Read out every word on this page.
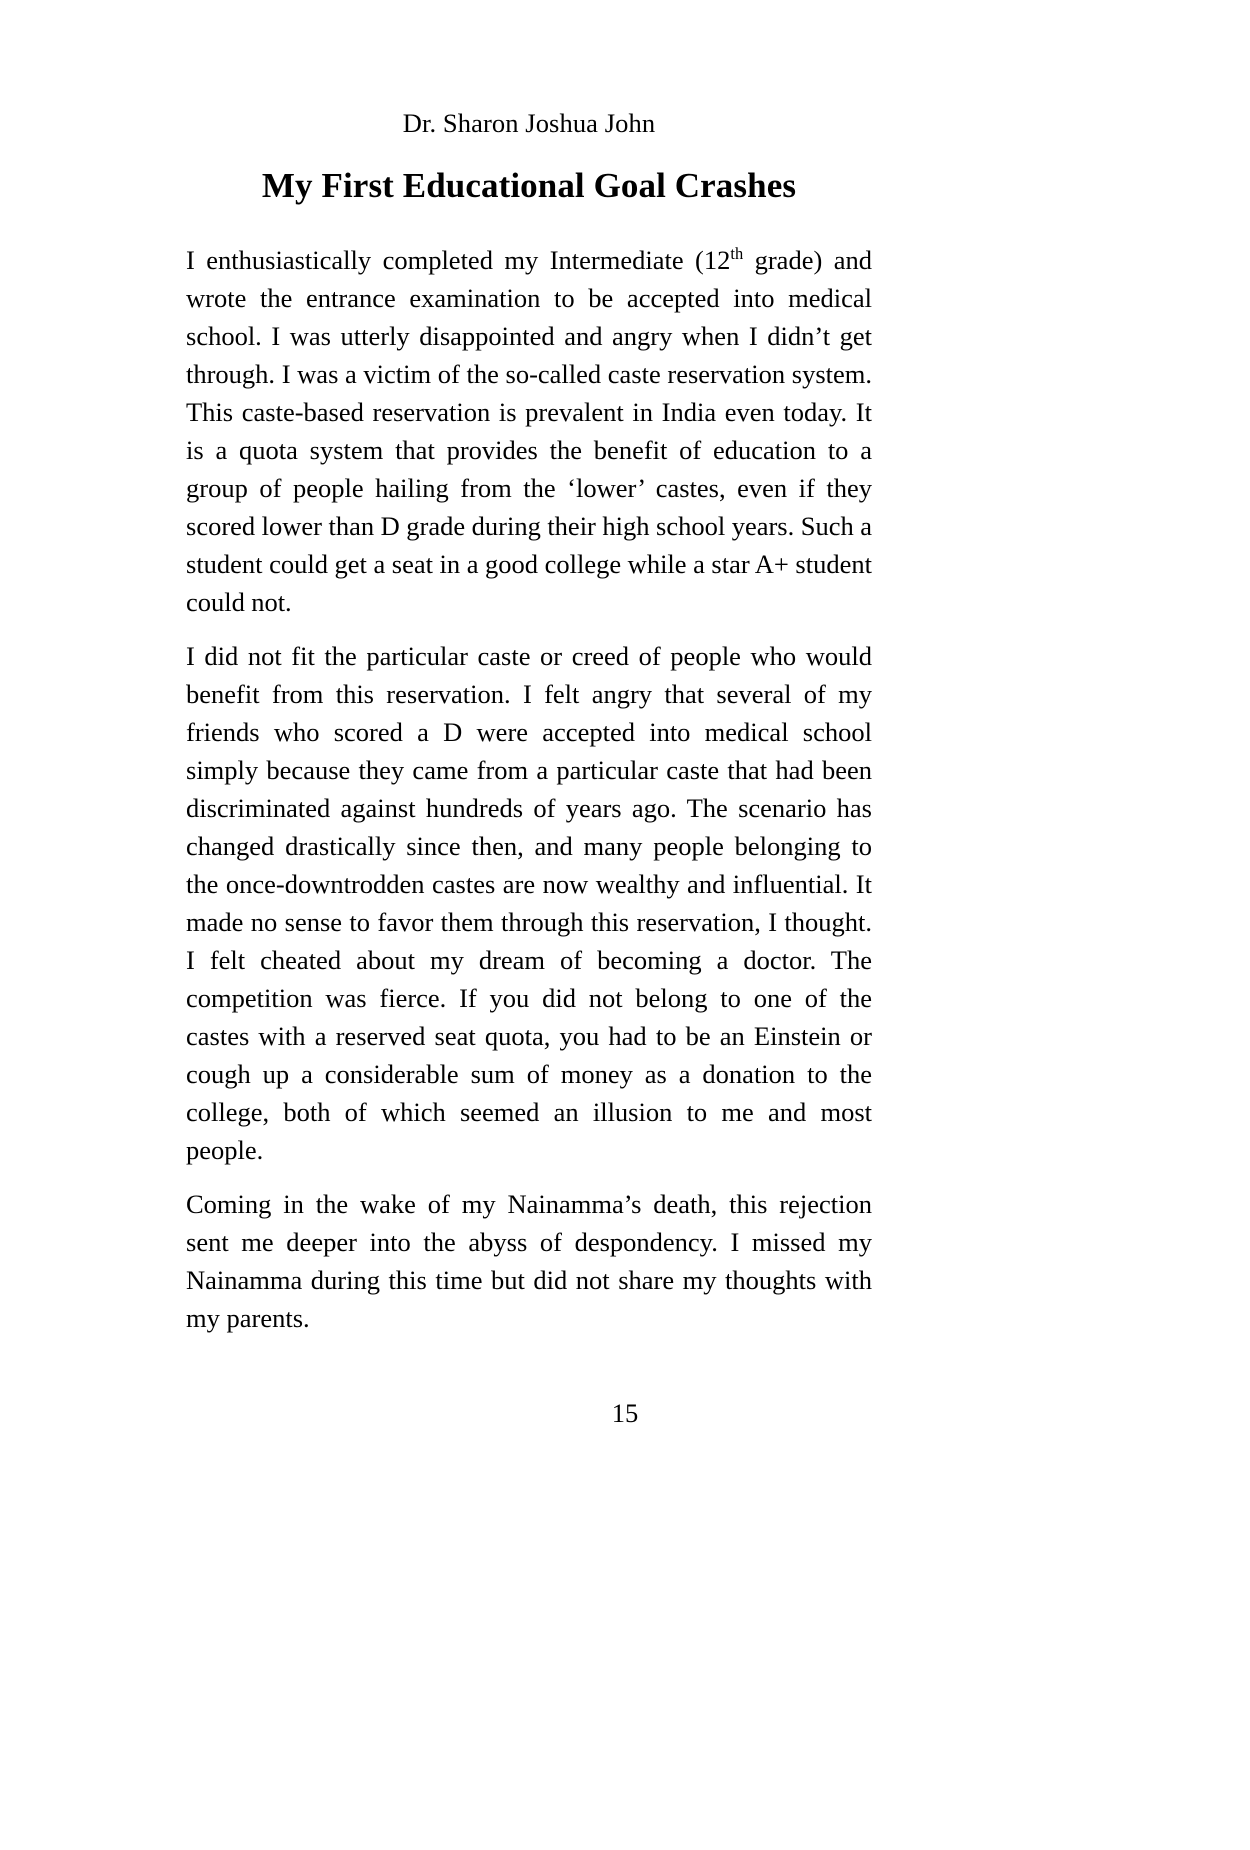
Dr. Sharon Joshua John
My First Educational Goal Crashes

I enthusiastically completed my Intermediate (12th grade) and wrote the entrance examination to be accepted into medical school. I was utterly disappointed and angry when I didn’t get through. I was a victim of the so-called caste reservation system. This caste-based reservation is prevalent in India even today. It is a quota system that provides the benefit of education to a group of people hailing from the ‘lower’ castes, even if they scored lower than D grade during their high school years. Such a student could get a seat in a good college while a star A+ student could not.

I did not fit the particular caste or creed of people who would benefit from this reservation. I felt angry that several of my friends who scored a D were accepted into medical school simply because they came from a particular caste that had been discriminated against hundreds of years ago. The scenario has changed drastically since then, and many people belonging to the once-downtrodden castes are now wealthy and influential. It made no sense to favor them through this reservation, I thought. I felt cheated about my dream of becoming a doctor. The competition was fierce. If you did not belong to one of the castes with a reserved seat quota, you had to be an Einstein or cough up a considerable sum of money as a donation to the college, both of which seemed an illusion to me and most people.

Coming in the wake of my Nainamma’s death, this rejection sent me deeper into the abyss of despondency. I missed my Nainamma during this time but did not share my thoughts with my parents.

15
